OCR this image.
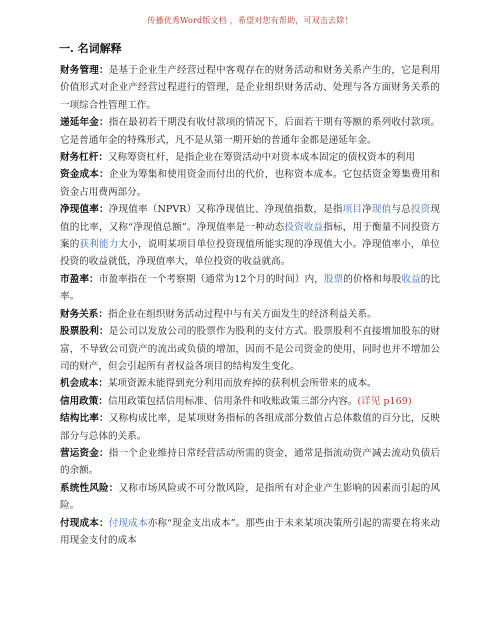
传播优秀Word版文档 ，希望对您有帮助，可双击去除！
一. 名词解释

财务管理：是基于企业生产经营过程中客观存在的财务活动和财务关系产生的，它是利用价值形式对企业产经营过程进行的管理，是企业组织财务活动、处理与各方面财务关系的一项综合性管理工作。

递延年金：指在最初若干期没有收付款项的情况下，后面若干期有等额的系列收付款项。它是普通年金的特殊形式，凡不是从第一期开始的普通年金都是递延年金。

财务杠杆：又称筹资杠杆，是指企业在筹资活动中对资本成本固定的债权资本的利用

资金成本：企业为筹集和使用资金而付出的代价，也称资本成本。它包括资金筹集费用和资金占用费两部分。

净现值率：净现值率（NPVR）又称净现值比、净现值指数，是指项目净现值与总投资现值的比率，又称“净现值总额”。净现值率是一种动态投资收益指标，用于衡量不同投资方案的获利能力大小，说明某项目单位投资现值所能实现的净现值大小。净现值率小，单位投资的收益就低，净现值率大，单位投资的收益就高。

市盈率：市盈率指在一个考察期（通常为12个月的时间）内，股票的价格和每股收益的比率。

财务关系：指企业在组织财务活动过程中与有关方面发生的经济利益关系。

股票股利：是公司以发放公司的股票作为股利的支付方式。股票股利不直接增加股东的财富，不导致公司资产的流出或负债的增加，因而不是公司资金的使用，同时也并不增加公司的财产，但会引起所有者权益各项目的结构发生变化。

机会成本：某项资源未能得到充分利用而放弃掉的获利机会所带来的成本。

信用政策：信用政策包括信用标准、信用条件和收账政策三部分内容。(详见 p169)

结构比率：又称构成比率，是某项财务指标的各组成部分数值占总体数值的百分比，反映部分与总体的关系。

营运资金：指一个企业维持日常经营活动所需的资金，通常是指流动资产减去流动负债后的余额。

系统性风险：又称市场风险或不可分散风险，是指所有对企业产生影响的因素而引起的风险。

付现成本：付现成本亦称“现金支出成本”。那些由于未来某项决策所引起的需要在将来动用现金支付的成本
